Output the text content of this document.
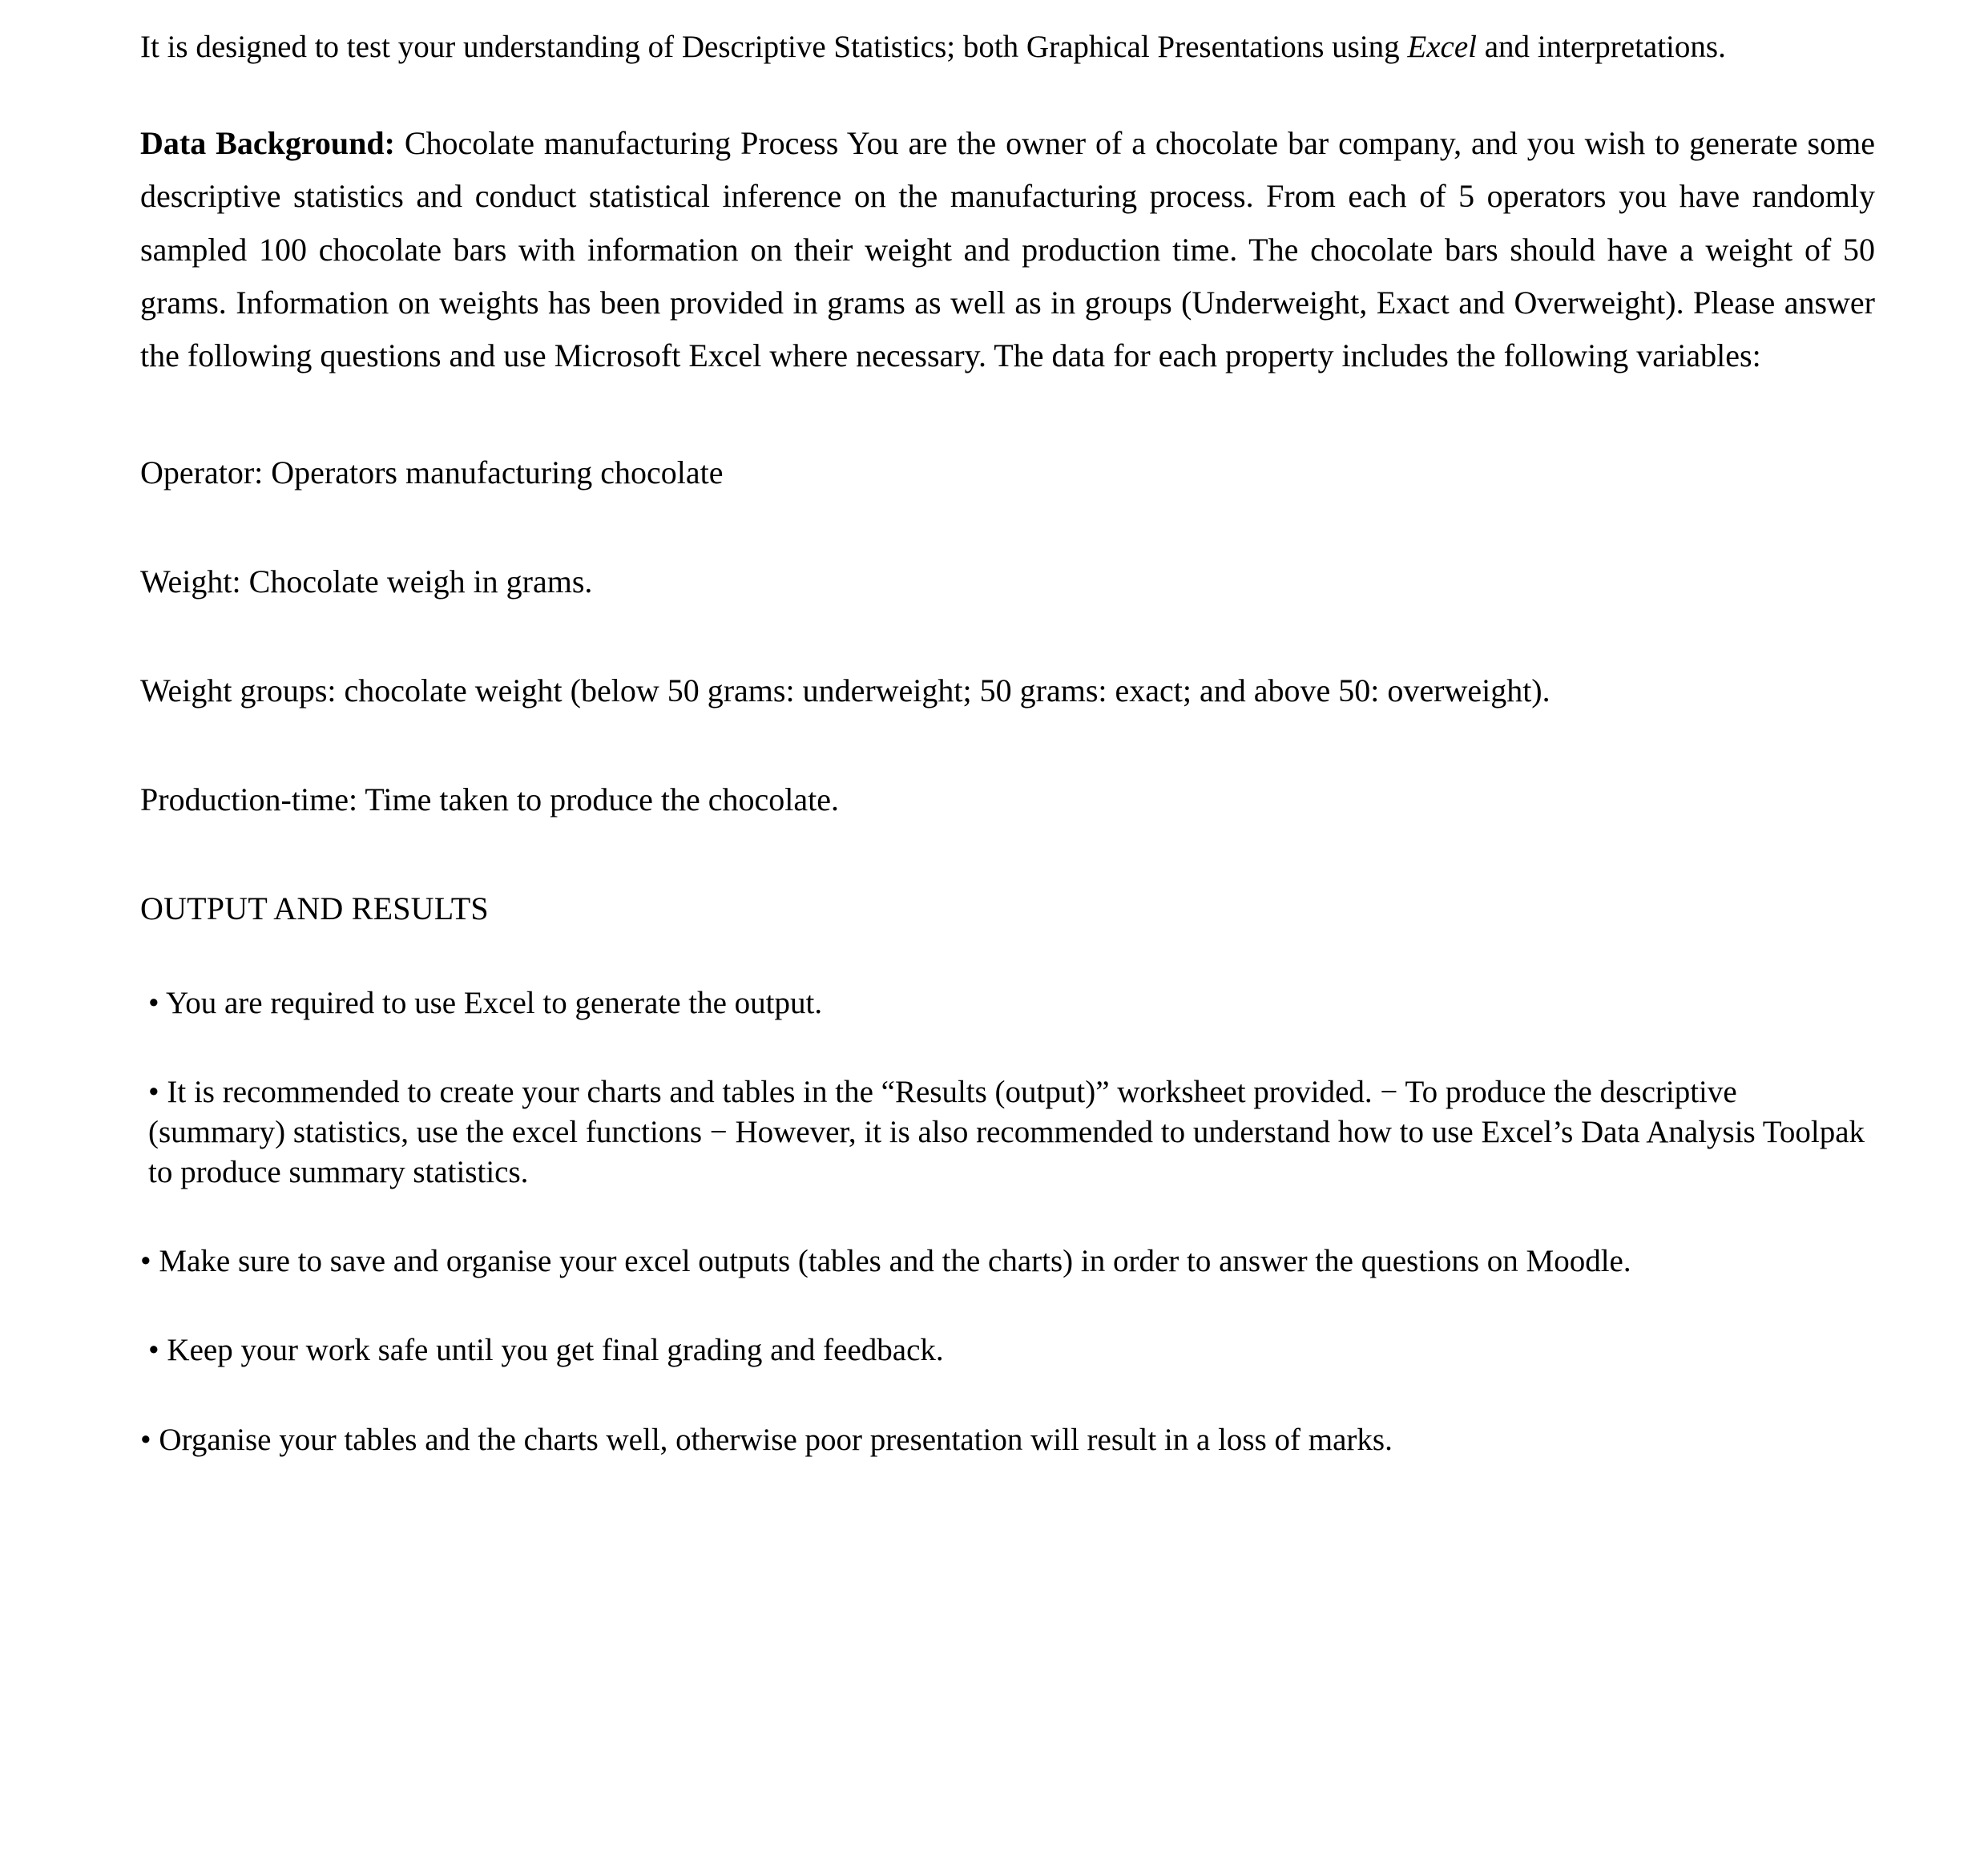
It is designed to test your understanding of Descriptive Statistics; both Graphical Presentations using Excel and interpretations.

Data Background: Chocolate manufacturing Process You are the owner of a chocolate bar company, and you wish to generate some descriptive statistics and conduct statistical inference on the manufacturing process. From each of 5 operators you have randomly sampled 100 chocolate bars with information on their weight and production time. The chocolate bars should have a weight of 50 grams. Information on weights has been provided in grams as well as in groups (Underweight, Exact and Overweight). Please answer the following questions and use Microsoft Excel where necessary. The data for each property includes the following variables:

Operator: Operators manufacturing chocolate

Weight: Chocolate weigh in grams.

Weight groups: chocolate weight (below 50 grams: underweight; 50 grams: exact; and above 50: overweight).

Production-time: Time taken to produce the chocolate.

OUTPUT AND RESULTS

• You are required to use Excel to generate the output.

• It is recommended to create your charts and tables in the “Results (output)” worksheet provided. − To produce the descriptive (summary) statistics, use the excel functions − However, it is also recommended to understand how to use Excel’s Data Analysis Toolpak to produce summary statistics.

• Make sure to save and organise your excel outputs (tables and the charts) in order to answer the questions on Moodle.

• Keep your work safe until you get final grading and feedback.

• Organise your tables and the charts well, otherwise poor presentation will result in a loss of marks.
